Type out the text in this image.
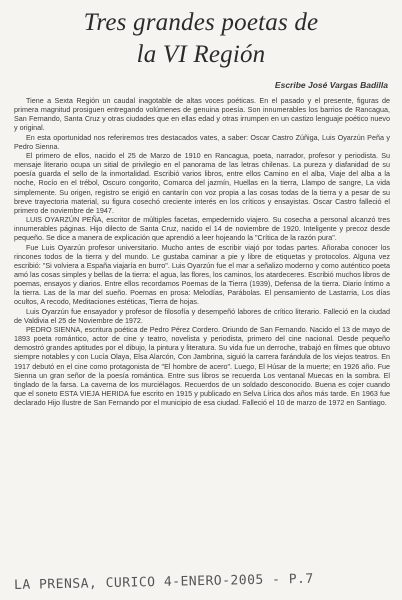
Tres grandes poetas de
la VI Región
Escribe José Vargas Badilla

Tiene a Sexta Región un caudal inagotable de altas voces poéticas. En el pasado y el presente, figuras de primera magnitud prosiguen entregando volúmenes de genuina poesía. Son innumerables los barrios de Rancagua, San Fernando, Santa Cruz y otras ciudades que en ellas edad y otras irrumpen en un castizo lenguaje poético nuevo y original.

En esta oportunidad nos referiremos tres destacados vates, a saber: Oscar Castro Zúñiga, Luis Oyarzún Peña y Pedro Sienna.

El primero de ellos, nacido el 25 de Marzo de 1910 en Rancagua, poeta, narrador, profesor y periodista. Su mensaje literario ocupa un sitial de privilegio en el panorama de las letras chilenas. La pureza y diafanidad de su poesía guarda el sello de la inmortalidad. Escribió varios libros, entre ellos Camino en el alba, Viaje del alba a la noche, Rocío en el trébol, Oscuro congorito, Comarca del jazmín, Huellas en la tierra, Llampo de sangre, La vida simplemente. Su origen, registro se erigió en cantarín con voz propia a las cosas todas de la tierra y a pesar de su breve trayectoria material, su figura cosechó creciente interés en los críticos y ensayistas. Oscar Castro falleció el primero de noviembre de 1947.

LUIS OYARZÚN PEÑA, escritor de múltiples facetas, empedernido viajero. Su cosecha a personal alcanzó tres innumerables páginas. Hijo dilecto de Santa Cruz, nacido el 14 de noviembre de 1920. Inteligente y precoz desde pequeño. Se dice a manera de explicación que aprendió a leer hojeando la "Crítica de la razón pura".

Fue Luis Oyarzún profesor universitario. Mucho antes de escribir viajó por todas partes. Añoraba conocer los rincones todos de la tierra y del mundo. Le gustaba caminar a pie y libre de etiquetas y protocolos. Alguna vez escribió: "Si volviera a España viajaría en burro". Luis Oyarzún fue el mar a señalizo moderno y como auténtico poeta amó las cosas simples y bellas de la tierra: el agua, las flores, los caminos, los atardeceres. Escribió muchos libros de poemas, ensayos y diarios. Entre ellos recordamos Poemas de la Tierra (1939), Defensa de la tierra. Diario íntimo a la tierra. Las de la mar del sueño. Poemas en prosa: Melodías, Parábolas. El pensamiento de Lastarria, Los días ocultos, A recodo, Meditaciones estéticas, Tierra de hojas.

Luis Oyarzún fue ensayador y profesor de filosofía y desempeñó labores de crítico literario. Falleció en la ciudad de Valdivia el 25 de Noviembre de 1972.

PEDRO SIENNA, escritura poética de Pedro Pérez Cordero. Oriundo de San Fernando. Nacido el 13 de mayo de 1893 poeta romántico, actor de cine y teatro, novelista y periodista, primero del cine nacional. Desde pequeño demostró grandes aptitudes por el dibujo, la pintura y literatura. Su vida fue un derroche, trabajó en filmes que obtuvo siempre notables y con Lucía Olaya, Elsa Alarcón, Con Jambrina, siguió la carrera farándula de los viejos teatros. En 1917 debutó en el cine como protagonista de "El hombre de acero". Luego, El Húsar de la muerte; en 1926 año. Fue Sienna un gran señor de la poesía romántica. Entre sus libros se recuerda Los ventanal Muecas en la sombra. El tinglado de la farsa. La caverna de los murciélagos. Recuerdos de un soldado desconocido. Buena es cojer cuando que el soneto ESTA VIEJA HERIDA fue escrito en 1915 y publicado en Selva Lírica dos años más tarde. En 1963 fue declarado Hijo Ilustre de San Fernando por el municipio de esa ciudad. Falleció el 10 de marzo de 1972 en Santiago.

LA PRENSA, CURICO 4-ENERO-2005 - P.7
